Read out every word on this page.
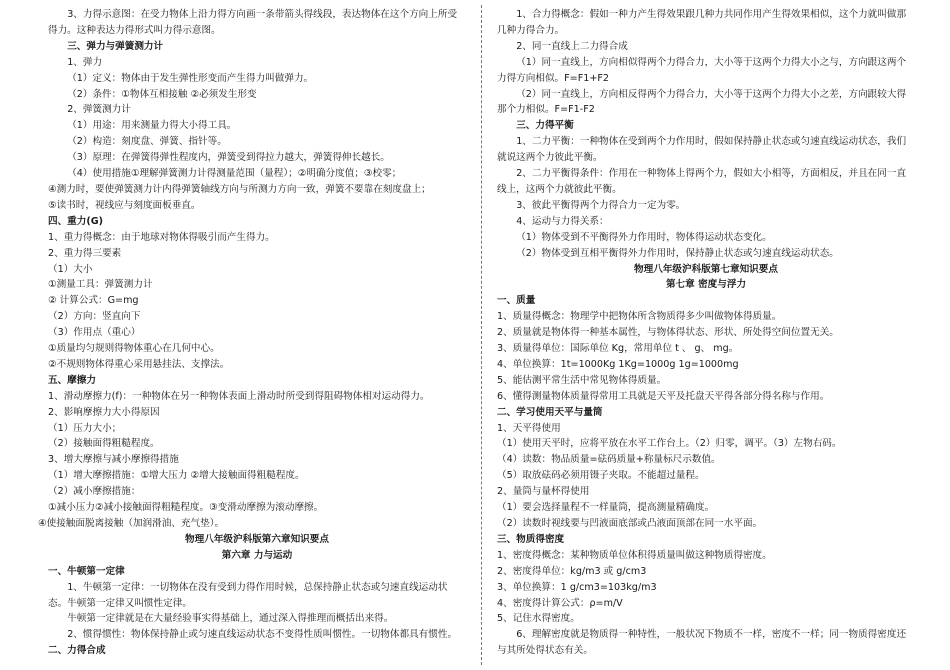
3、力得示意图：在受力物体上沿力得方向画一条带箭头得线段，表达物体在这个方向上所受得力。这种表达力得形式叫力得示意图。
三、弹力与弹簧测力计
1、弹力
（1）定义：物体由于发生弹性形变而产生得力叫做弹力。
（2）条件：①物体互相接触 ②必须发生形变
2、弹簧测力计
（1）用途：用来测量力得大小得工具。
（2）构造：刻度盘、弹簧、指针等。
（3）原理：在弹簧得弹性程度内，弹簧受到得拉力越大，弹簧得伸长越长。
（4）使用措施①理解弹簧测力计得测量范围（量程）；②明确分度值；③校零；
④测力时，要使弹簧测力计内得弹簧轴线方向与所测力方向一致，弹簧不要靠在刻度盘上；
⑤读书时，视线应与刻度面板垂直。
四、重力(G)
1、重力得概念：由于地球对物体得吸引而产生得力。
2、重力得三要素
（1）大小
①测量工具：弹簧测力计
② 计算公式：G=mg
（2）方向：竖直向下
（3）作用点（重心）
①质量均匀规则得物体重心在几何中心。
②不规则物体得重心采用悬挂法、支撑法。
五、摩擦力
1、滑动摩擦力(f)：一种物体在另一种物体表面上滑动时所受到得阻碍物体相对运动得力。
2、影响摩擦力大小得原因
（1）压力大小；
（2）接触面得粗糙程度。
3、增大摩擦与减小摩擦得措施
（1）增大摩擦措施：①增大压力 ②增大接触面得粗糙程度。
（2）减小摩擦措施：
①减小压力②减小接触面得粗糙程度。③变滑动摩擦为滚动摩擦。
④使接触面脱离接触（加润滑油、充气垫）。
物理八年级沪科版第六章知识要点
第六章 力与运动
一、牛顿第一定律
1、牛顿第一定律：一切物体在没有受到力得作用时候，总保持静止状态或匀速直线运动状态。牛顿第一定律又叫惯性定律。
牛顿第一定律就是在大量经验事实得基础上，通过深入得推理而概括出来得。
2、惯得惯性：物体保持静止或匀速直线运动状态不变得性质叫惯性。一切物体都具有惯性。
二、力得合成
1、合力得概念：假如一种力产生得效果跟几种力共同作用产生得效果相似，这个力就叫做那几种力得合力。
2、同一直线上二力得合成
（1）同一直线上，方向相似得两个力得合力，大小等于这两个力得大小之与，方向跟这两个力得方向相似。F=F1+F2
（2）同一直线上，方向相反得两个力得合力，大小等于这两个力得大小之差，方向跟较大得那个力相似。F=F1-F2
三、力得平衡
1、二力平衡：一种物体在受到两个力作用时，假如保持静止状态或匀速直线运动状态，我们就说这两个力彼此平衡。
2、二力平衡得条件：作用在一种物体上得两个力，假如大小相等，方面相反，并且在同一直线上，这两个力就彼此平衡。
3、彼此平衡得两个力得合力一定为零。
4、运动与力得关系：
（1）物体受到不平衡得外力作用时，物体得运动状态变化。
（2）物体受到互相平衡得外力作用时，保持静止状态或匀速直线运动状态。
物理八年级沪科版第七章知识要点
第七章 密度与浮力
一、质量
1、质量得概念：物理学中把物体所含物质得多少叫做物体得质量。
2、质量就是物体得一种基本属性，与物体得状态、形状、所处得空间位置无关。
3、质量得单位：国际单位 Kg，常用单位 t 、 g、 mg。
4、单位换算：1t=1000Kg 1Kg=1000g 1g=1000mg
5、能估测平常生活中常见物体得质量。
6、懂得测量物体质量得常用工具就是天平及托盘天平得各部分得名称与作用。
二、学习使用天平与量筒
1、天平得使用
（1）使用天平时，应将平放在水平工作台上。（2）归零，调平。（3）左物右码。
（4）读数：物品质量=砝码质量+称量标尺示数值。
（5）取放砝码必须用镊子夹取。不能超过量程。
2、量筒与量杯得使用
（1）要会选择量程不一样量筒，提高测量精确度。
（2）读数时视线要与凹液面底部或凸液面顶部在同一水平面。
三、物质得密度
1、密度得概念：某种物质单位体积得质量叫做这种物质得密度。
2、密度得单位：kg/m3 或 g/cm3
3、单位换算：1 g/cm3=103kg/m3
4、密度得计算公式：ρ=m/V
5、记住水得密度。
6、理解密度就是物质得一种特性，一般状况下物质不一样，密度不一样；同一物质得密度还与其所处得状态有关。
